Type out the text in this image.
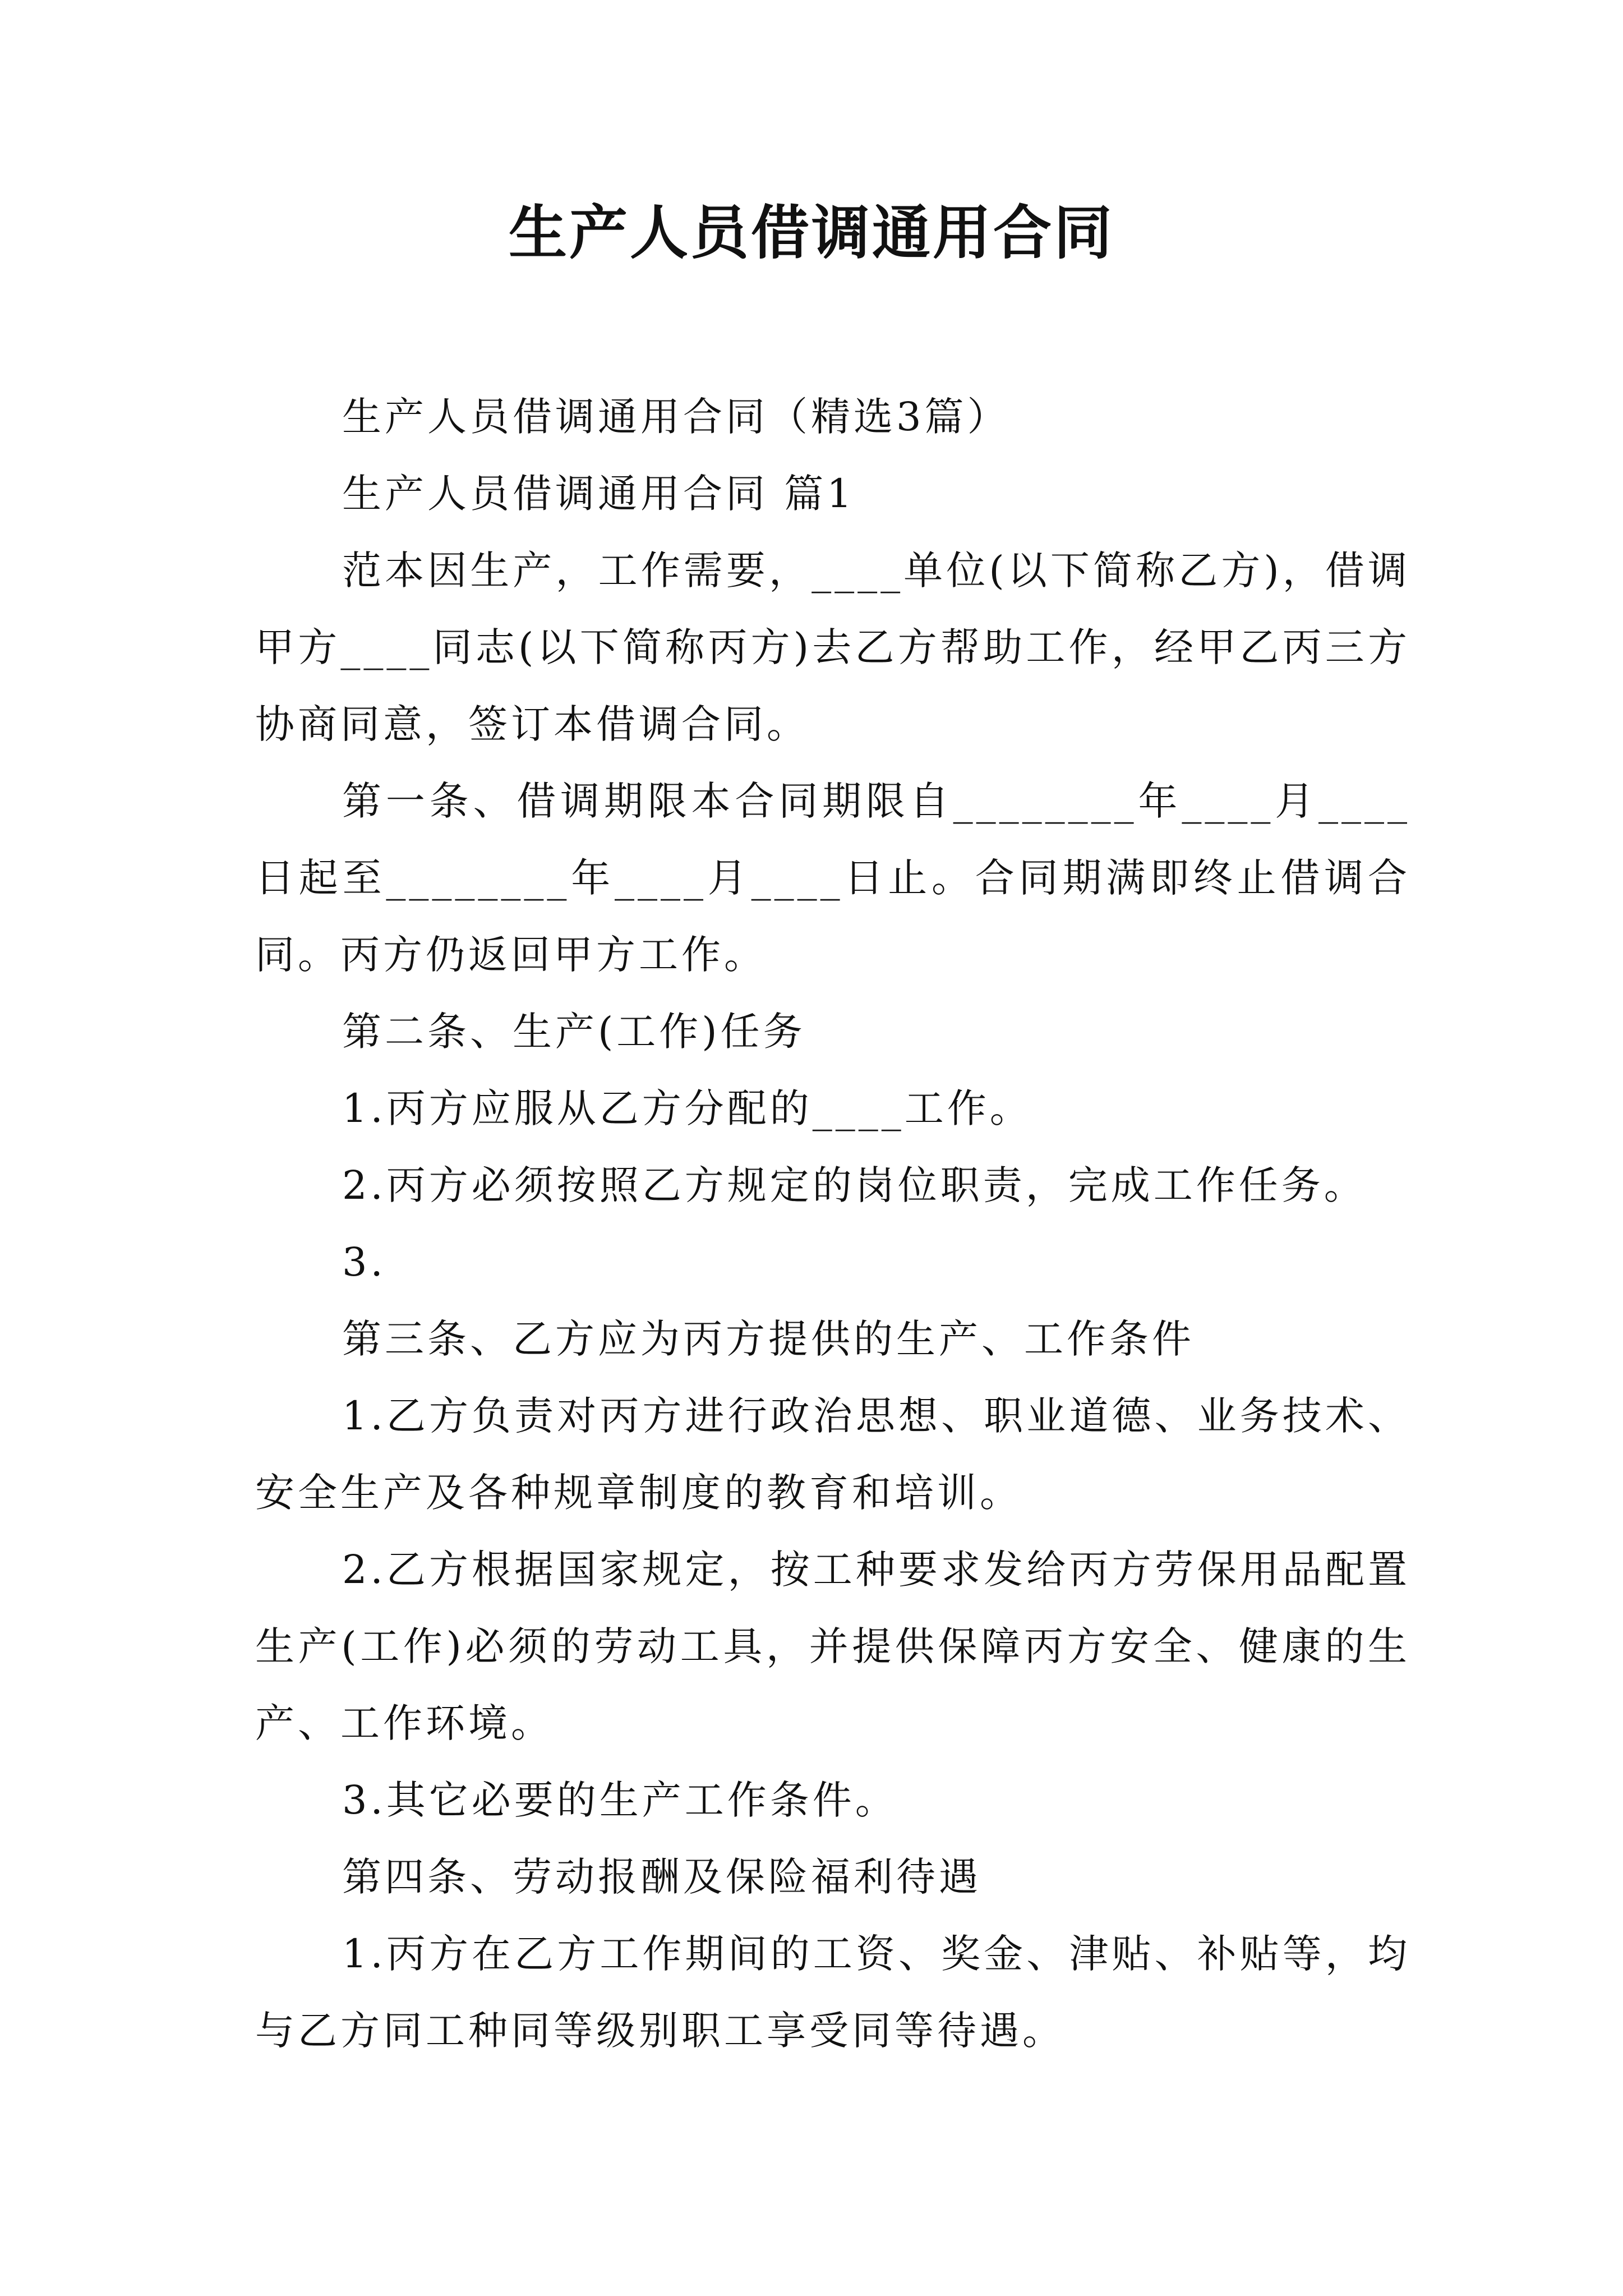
生产人员借调通用合同

生产人员借调通用合同（精选3篇）

生产人员借调通用合同 篇1

范本因生产，工作需要，____单位(以下简称乙方)，借调甲方____同志(以下简称丙方)去乙方帮助工作，经甲乙丙三方协商同意，签订本借调合同。

第一条、借调期限本合同期限自________年____月____日起至________年____月____日止。合同期满即终止借调合同。丙方仍返回甲方工作。

第二条、生产(工作)任务

1.丙方应服从乙方分配的____工作。

2.丙方必须按照乙方规定的岗位职责，完成工作任务。

3.

第三条、乙方应为丙方提供的生产、工作条件

1.乙方负责对丙方进行政治思想、职业道德、业务技术、安全生产及各种规章制度的教育和培训。

2.乙方根据国家规定，按工种要求发给丙方劳保用品配置生产(工作)必须的劳动工具，并提供保障丙方安全、健康的生产、工作环境。

3.其它必要的生产工作条件。

第四条、劳动报酬及保险福利待遇

1.丙方在乙方工作期间的工资、奖金、津贴、补贴等，均与乙方同工种同等级别职工享受同等待遇。
